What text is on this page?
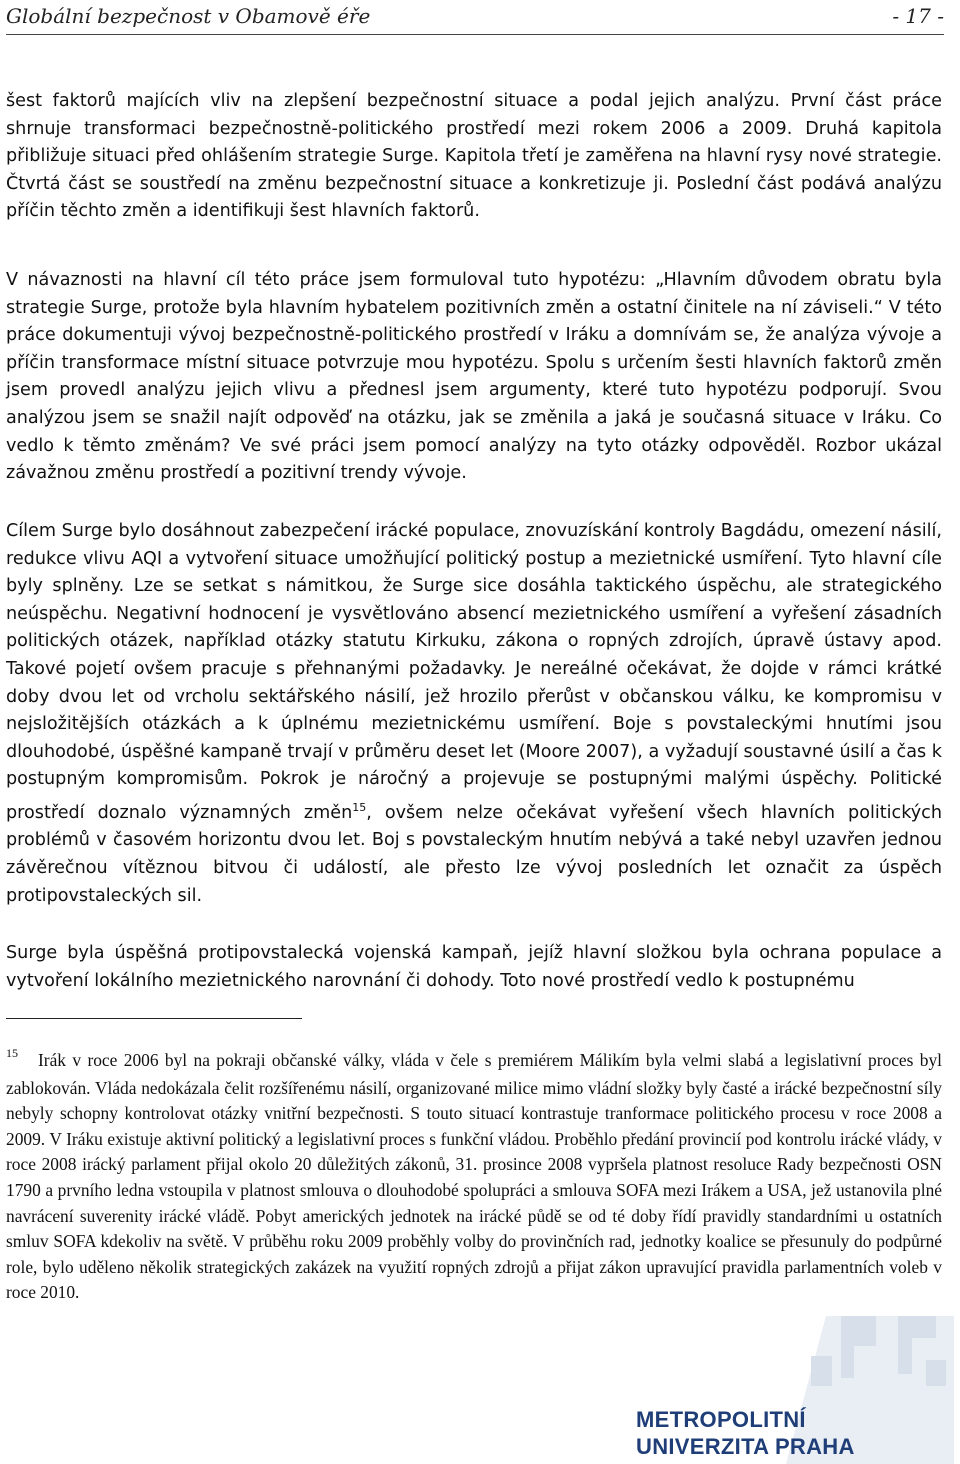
Globální bezpečnost v Obamově éře	- 17 -

šest faktorů majících vliv na zlepšení bezpečnostní situace a podal jejich analýzu. První část práce shrnuje transformaci bezpečnostně-politického prostředí mezi rokem 2006 a 2009. Druhá kapitola přibližuje situaci před ohlášením strategie Surge. Kapitola třetí je zaměřena na hlavní rysy nové strategie. Čtvrtá část se soustředí na změnu bezpečnostní situace a konkretizuje ji. Poslední část podává analýzu příčin těchto změn a identifikuji šest hlavních faktorů.

V návaznosti na hlavní cíl této práce jsem formuloval tuto hypotézu: „Hlavním důvodem obratu byla strategie Surge, protože byla hlavním hybatelem pozitivních změn a ostatní činitele na ní záviseli.“ V této práce dokumentuji vývoj bezpečnostně-politického prostředí v Iráku a domnívám se, že analýza vývoje a příčin transformace místní situace potvrzuje mou hypotézu. Spolu s určením šesti hlavních faktorů změn jsem provedl analýzu jejich vlivu a přednesl jsem argumenty, které tuto hypotézu podporují. Svou analýzou jsem se snažil najít odpověď na otázku, jak se změnila a jaká je současná situace v Iráku. Co vedlo k těmto změnám? Ve své práci jsem pomocí analýzy na tyto otázky odpověděl. Rozbor ukázal závažnou změnu prostředí a pozitivní trendy vývoje.

Cílem Surge bylo dosáhnout zabezpečení irácké populace, znovuzískání kontroly Bagdádu, omezení násilí, redukce vlivu AQI a vytvoření situace umožňující politický postup a mezietnické usmíření. Tyto hlavní cíle byly splněny. Lze se setkat s námitkou, že Surge sice dosáhla taktického úspěchu, ale strategického neúspěchu. Negativní hodnocení je vysvětlováno absencí mezietnického usmíření a vyřešení zásadních politických otázek, například otázky statutu Kirkuku, zákona o ropných zdrojích, úpravě ústavy apod. Takové pojetí ovšem pracuje s přehnanými požadavky. Je nereálné očekávat, že dojde v rámci krátké doby dvou let od vrcholu sektářského násilí, jež hrozilo přerůst v občanskou válku, ke kompromisu v nejsložitějších otázkách a k úplnému mezietnickému usmíření. Boje s povstaleckými hnutími jsou dlouhodobé, úspěšné kampaně trvají v průměru deset let (Moore 2007), a vyžadují soustavné úsilí a čas k postupným kompromisům. Pokrok je náročný a projevuje se postupnými malými úspěchy. Politické prostředí doznalo významných změn$^{15}$, ovšem nelze očekávat vyřešení všech hlavních politických problémů v časovém horizontu dvou let. Boj s povstaleckým hnutím nebývá a také nebyl uzavřen jednou závěrečnou vítěznou bitvou či událostí, ale přesto lze vývoj posledních let označit za úspěch protipovstaleckých sil.

Surge byla úspěšná protipovstalecká vojenská kampaň, jejíž hlavní složkou byla ochrana populace a vytvoření lokálního mezietnického narovnání či dohody. Toto nové prostředí vedlo k postupnému

$^{15}$ Irák v roce 2006 byl na pokraji občanské války, vláda v čele s premiérem Málikím byla velmi slabá a legislativní proces byl zablokován. Vláda nedokázala čelit rozšířenému násilí, organizované milice mimo vládní složky byly časté a irácké bezpečnostní síly nebyly schopny kontrolovat otázky vnitřní bezpečnosti. S touto situací kontrastuje tranformace politického procesu v roce 2008 a 2009. V Iráku existuje aktivní politický a legislativní proces s funkční vládou. Proběhlo předání provincií pod kontrolu irácké vlády, v roce 2008 irácký parlament přijal okolo 20 důležitých zákonů, 31. prosince 2008 vypršela platnost resoluce Rady bezpečnosti OSN 1790 a prvního ledna vstoupila v platnost smlouva o dlouhodobé spolupráci a smlouva SOFA mezi Irákem a USA, jež ustanovila plné navrácení suverenity irácké vládě. Pobyt amerických jednotek na irácké půdě se od té doby řídí pravidly standardními u ostatních smluv SOFA kdekoliv na světě. V průběhu roku 2009 proběhly volby do provinčních rad, jednotky koalice se přesunuly do podpůrné role, bylo uděleno několik strategických zakázek na využití ropných zdrojů a přijat zákon upravující pravidla parlamentních voleb v roce 2010.

METROPOLITNÍ
UNIVERZITA PRAHA
